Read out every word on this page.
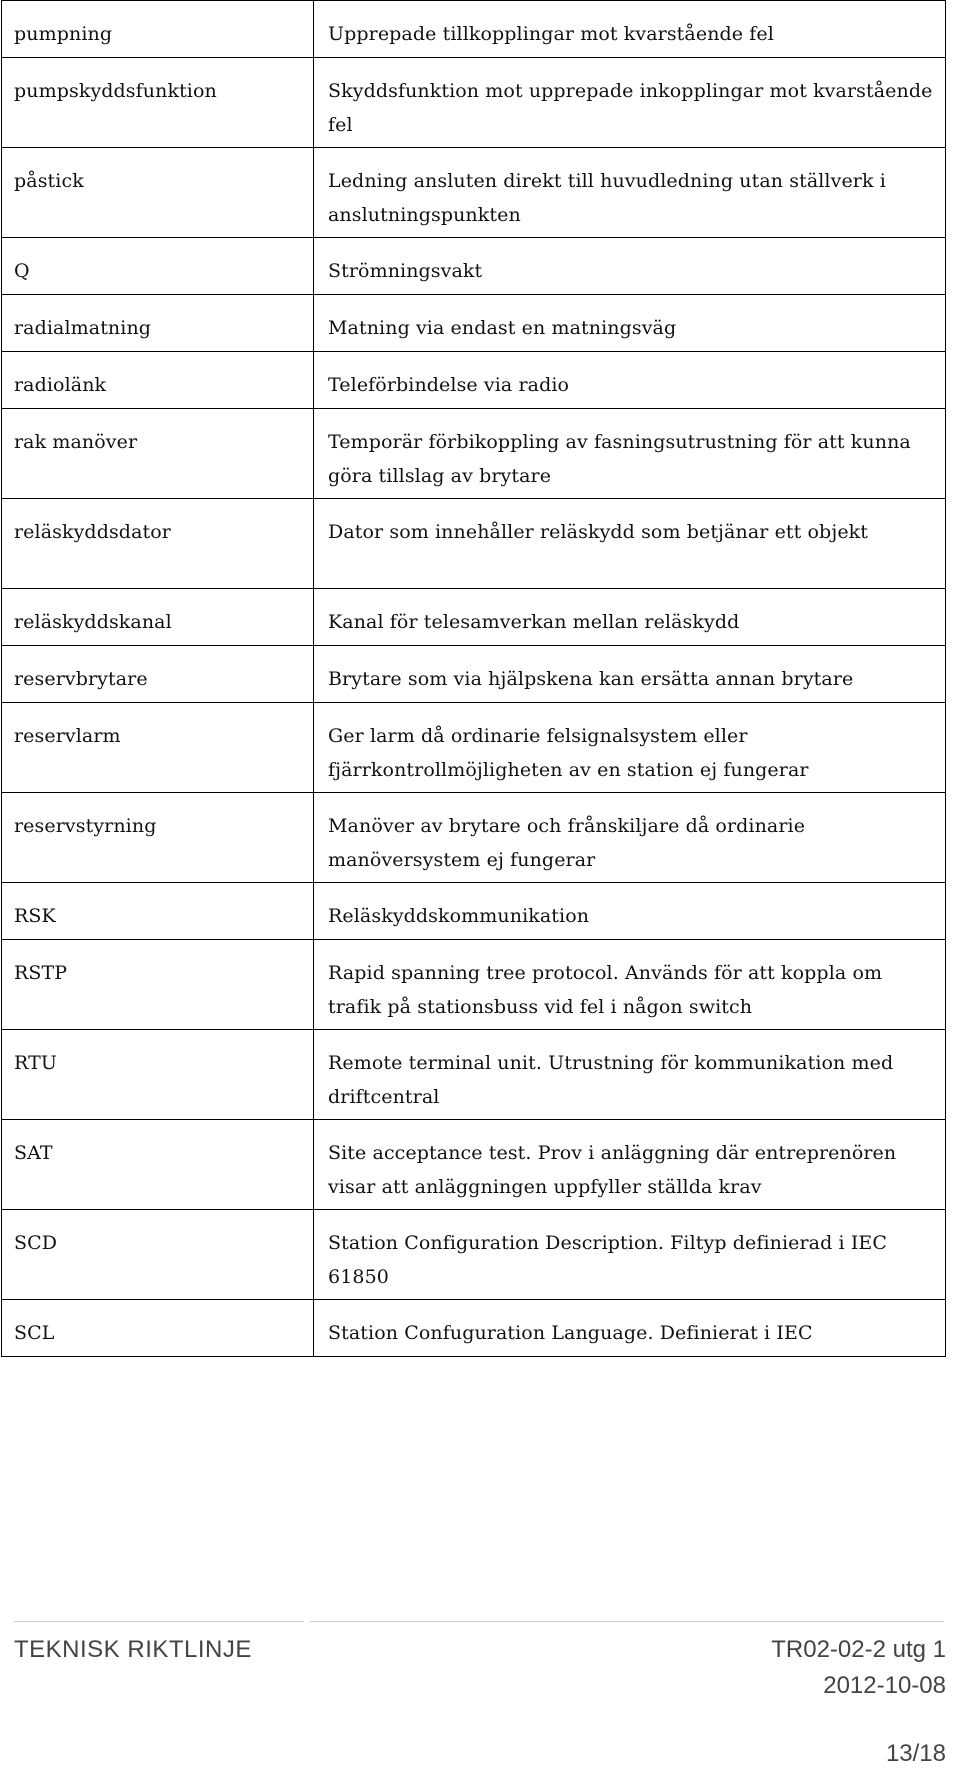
pumpning	Upprepade tillkopplingar mot kvarstående fel
pumpskyddsfunktion	Skyddsfunktion mot upprepade inkopplingar mot kvarstående fel
påstick	Ledning ansluten direkt till huvudledning utan ställverk i anslutningspunkten
Q	Strömningsvakt
radialmatning	Matning via endast en matningsväg
radiolänk	Teleförbindelse via radio
rak manöver	Temporär förbikoppling av fasningsutrustning för att kunna göra tillslag av brytare
reläskyddsdator	Dator som innehåller reläskydd som betjänar ett objekt
reläskyddskanal	Kanal för telesamverkan mellan reläskydd
reservbrytare	Brytare som via hjälpskena kan ersätta annan brytare
reservlarm	Ger larm då ordinarie felsignalsystem eller fjärrkontrollmöjligheten av en station ej fungerar
reservstyrning	Manöver av brytare och frånskiljare då ordinarie manöversystem ej fungerar
RSK	Reläskyddskommunikation
RSTP	Rapid spanning tree protocol. Används för att koppla om trafik på stationsbuss vid fel i någon switch
RTU	Remote terminal unit. Utrustning för kommunikation med driftcentral
SAT	Site acceptance test. Prov i anläggning där entreprenören visar att anläggningen uppfyller ställda krav
SCD	Station Configuration Description. Filtyp definierad i IEC 61850
SCL	Station Confuguration Language. Definierat i IEC
TEKNISK RIKTLINJE	TR02-02-2 utg 1
2012-10-08
13/18
